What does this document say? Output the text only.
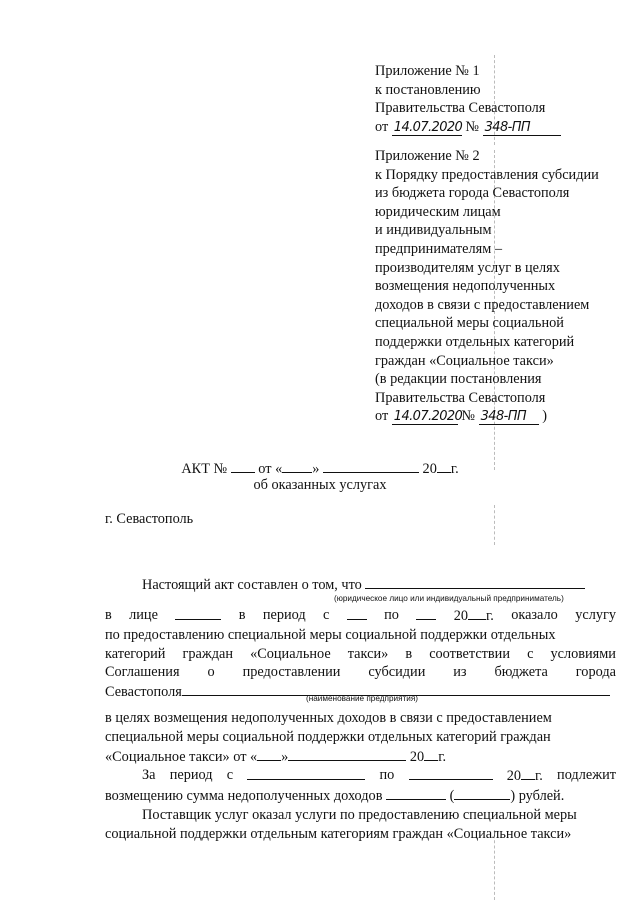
Приложение № 1
к постановлению
Правительства Севастополя
от 14.07.2020 № 348-ПП
Приложение № 2
к Порядку предоставления субсидии
из бюджета города Севастополя
юридическим лицам
и индивидуальным
предпринимателям –
производителям услуг в целях
возмещения недополученных
доходов в связи с предоставлением
специальной меры социальной
поддержки отдельных категорий
граждан «Социальное такси»
(в редакции постановления
Правительства Севастополя
от 14.07.2020 № 348-ПП )
АКТ № от « »	20 г.
об оказанных услугах
г. Севастополь
Настоящий акт составлен о том, что
(юридическое лицо или индивидуальный предприниматель)
в лице	в период с	по	20 г. оказало услугу
по предоставлению специальной меры социальной поддержки отдельных
категорий граждан «Социальное такси» в соответствии с условиями
Соглашения о предоставлении субсидии из бюджета города
Севастополя	(наименование предприятия)
в целях возмещения недополученных доходов в связи с предоставлением
специальной меры социальной поддержки отдельных категорий граждан
«Социальное такси» от « »	20 г.
За период с	по	20 г. подлежит
возмещению сумма недополученных доходов	(	) рублей.
Поставщик услуг оказал услуги по предоставлению специальной меры
социальной поддержки отдельным категориям граждан «Социальное такси»
